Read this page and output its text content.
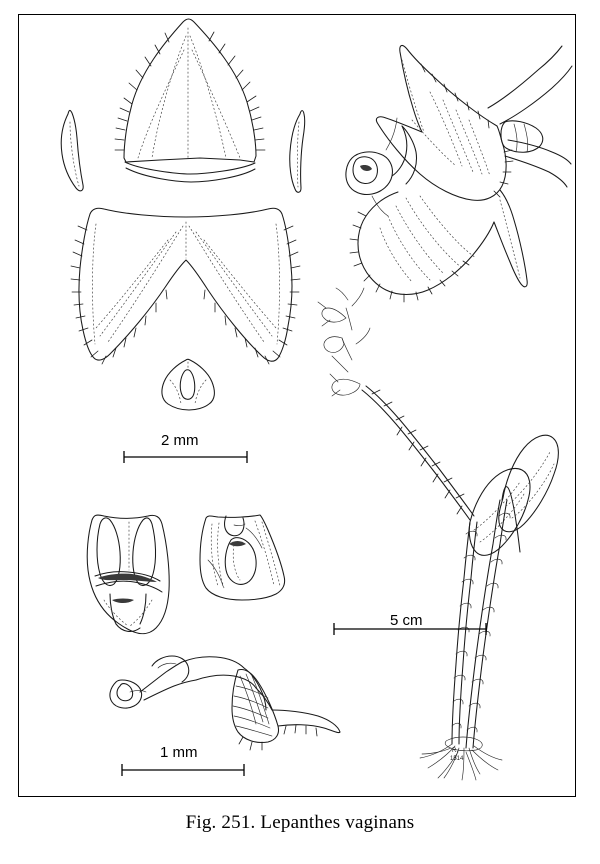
R.
1514
2 mm
5 cm
1 mm
Fig. 251. Lepanthes vaginans
